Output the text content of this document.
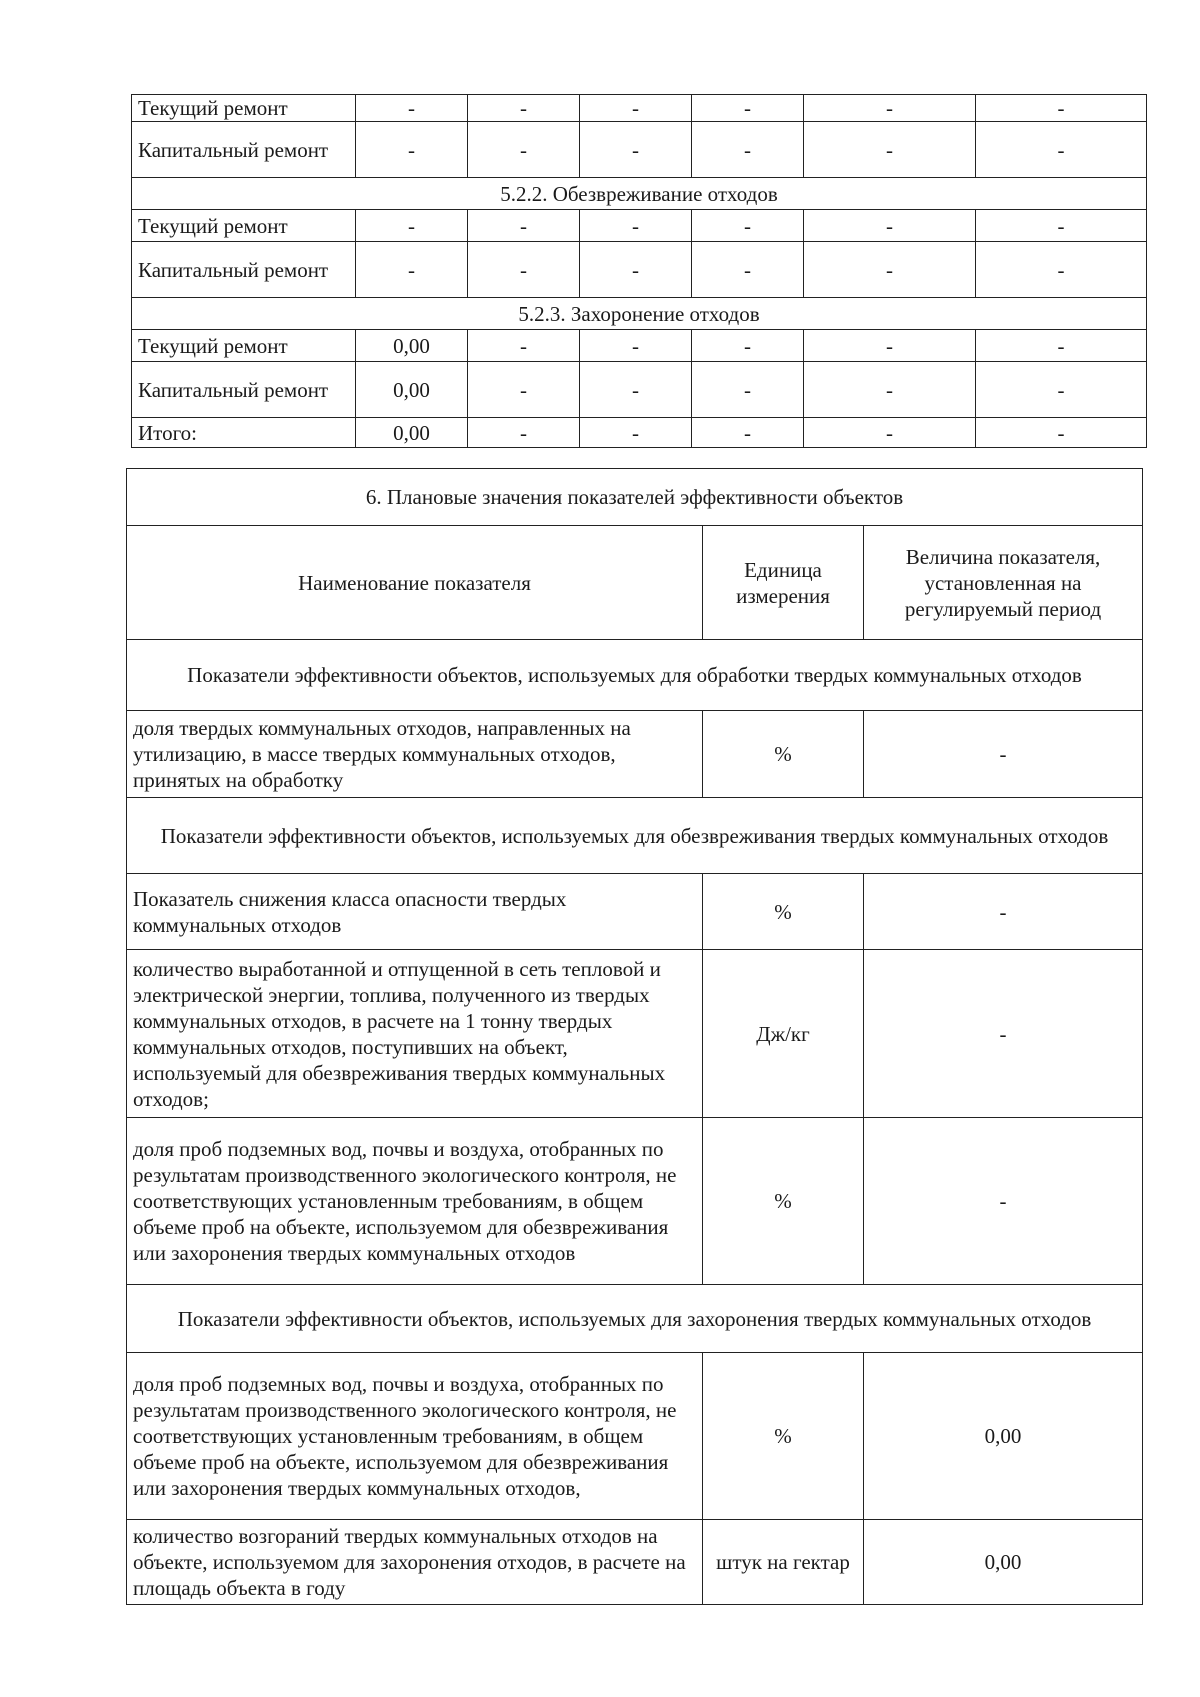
Текущий ремонт	-	-	-	-	-	-
Капитальный ремонт	-	-	-	-	-	-
5.2.2. Обезвреживание отходов						
Текущий ремонт	-	-	-	-	-	-
Капитальный ремонт	-	-	-	-	-	-
5.2.3. Захоронение отходов						
Текущий ремонт	0,00	-	-	-	-	-
Капитальный ремонт	0,00	-	-	-	-	-
Итого:	0,00	-	-	-	-	-
6. Плановые значения показателей эффективности объектов		
Наименование показателя	Единица измерения	Величина показателя, установленная на регулируемый период
Показатели эффективности объектов, используемых для обработки твердых коммунальных отходов		
доля твердых коммунальных отходов, направленных на утилизацию, в массе твердых коммунальных отходов, принятых на обработку	%	-
Показатели эффективности объектов, используемых для обезвреживания твердых коммунальных отходов		
Показатель снижения класса опасности твердых коммунальных отходов	%	-
количество выработанной и отпущенной в сеть тепловой и электрической энергии, топлива, полученного из твердых коммунальных отходов, в расчете на 1 тонну твердых коммунальных отходов, поступивших на объект, используемый для обезвреживания твердых коммунальных отходов;	Дж/кг	-
доля проб подземных вод, почвы и воздуха, отобранных по результатам производственного экологического контроля, не соответствующих установленным требованиям, в общем объеме проб на объекте, используемом для обезвреживания или захоронения твердых коммунальных отходов	%	-
Показатели эффективности объектов, используемых для захоронения твердых коммунальных отходов		
доля проб подземных вод, почвы и воздуха, отобранных по результатам производственного экологического контроля, не соответствующих установленным требованиям, в общем объеме проб на объекте, используемом для обезвреживания или захоронения твердых коммунальных отходов,	%	0,00
количество возгораний твердых коммунальных отходов на объекте, используемом для захоронения отходов, в расчете на площадь объекта в году	штук на гектар	0,00
